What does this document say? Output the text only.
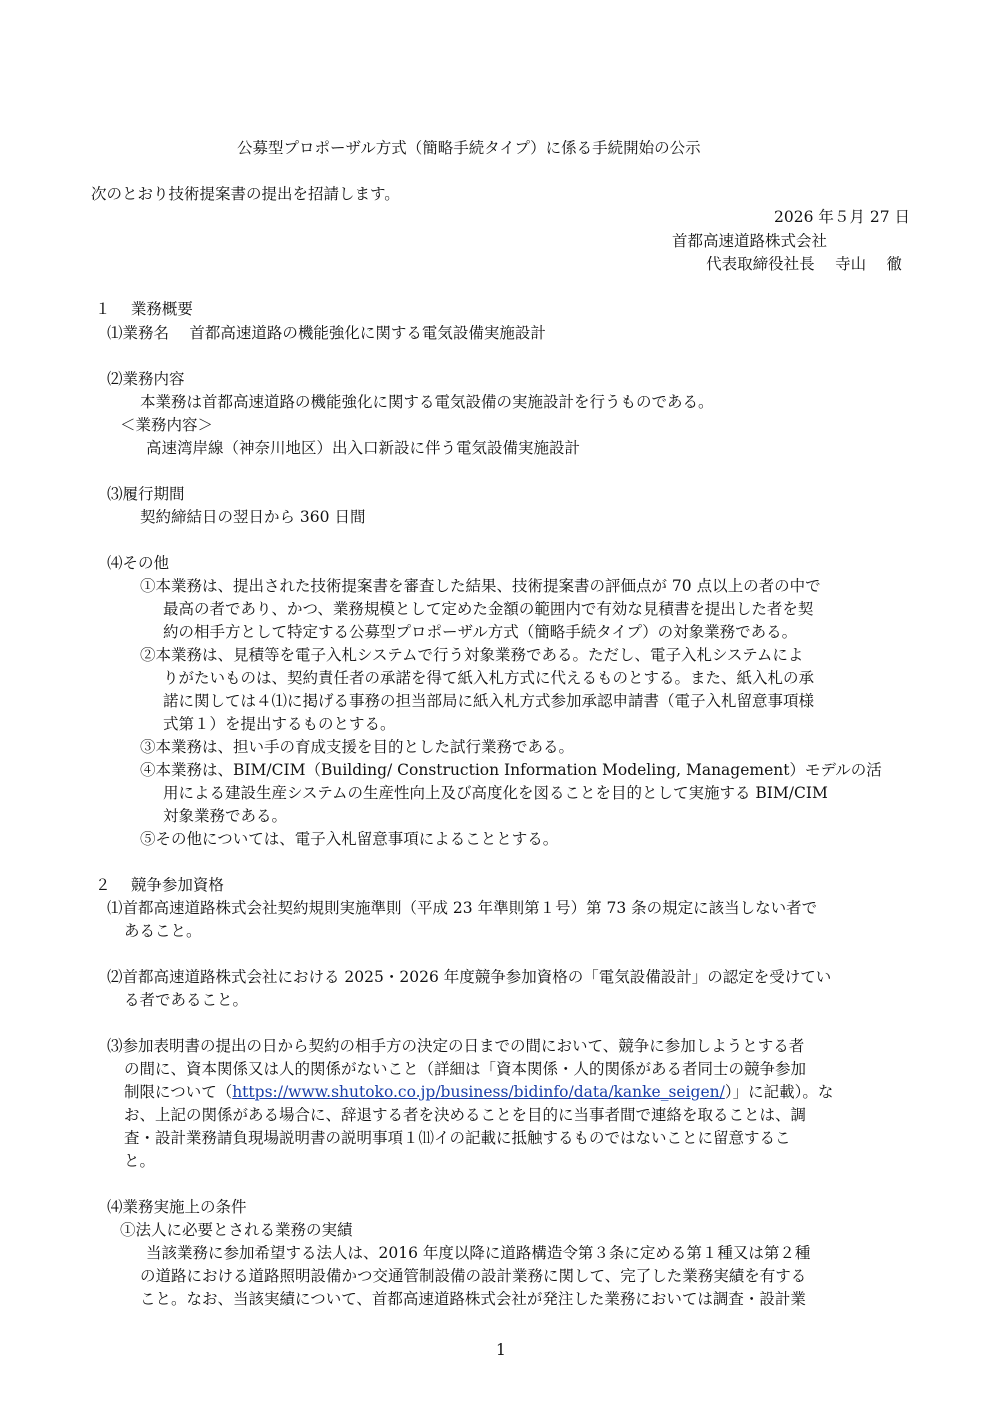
公募型プロポーザル方式（簡略手続タイプ）に係る手続開始の公示
次のとおり技術提案書の提出を招請します。
2026 年５月 27 日
首都高速道路株式会社
代表取締役社長　 寺山　 徹
１　 業務概要
⑴業務名　 首都高速道路の機能強化に関する電気設備実施設計
⑵業務内容
本業務は首都高速道路の機能強化に関する電気設備の実施設計を行うものである。
＜業務内容＞
高速湾岸線（神奈川地区）出入口新設に伴う電気設備実施設計
⑶履行期間
契約締結日の翌日から 360 日間
⑷その他
①本業務は、提出された技術提案書を審査した結果、技術提案書の評価点が 70 点以上の者の中で
最高の者であり、かつ、業務規模として定めた金額の範囲内で有効な見積書を提出した者を契
約の相手方として特定する公募型プロポーザル方式（簡略手続タイプ）の対象業務である。
②本業務は、見積等を電子入札システムで行う対象業務である。ただし、電子入札システムによ
りがたいものは、契約責任者の承諾を得て紙入札方式に代えるものとする。また、紙入札の承
諾に関しては４⑴に掲げる事務の担当部局に紙入札方式参加承認申請書（電子入札留意事項様
式第１）を提出するものとする。
③本業務は、担い手の育成支援を目的とした試行業務である。
④本業務は、BIM/CIM（Building/ Construction Information Modeling, Management）モデルの活
用による建設生産システムの生産性向上及び高度化を図ることを目的として実施する BIM/CIM
対象業務である。
⑤その他については、電子入札留意事項によることとする。
２　 競争参加資格
⑴首都高速道路株式会社契約規則実施準則（平成 23 年準則第１号）第 73 条の規定に該当しない者で
あること。
⑵首都高速道路株式会社における 2025・2026 年度競争参加資格の「電気設備設計」の認定を受けてい
る者であること。
⑶参加表明書の提出の日から契約の相手方の決定の日までの間において、競争に参加しようとする者
の間に、資本関係又は人的関係がないこと（詳細は「資本関係・人的関係がある者同士の競争参加
制限について（https://www.shutoko.co.jp/business/bidinfo/data/kanke_seigen/）」に記載）。な
お、上記の関係がある場合に、辞退する者を決めることを目的に当事者間で連絡を取ることは、調
査・設計業務請負現場説明書の説明事項１⑾イの記載に抵触するものではないことに留意するこ
と。
⑷業務実施上の条件
①法人に必要とされる業務の実績
当該業務に参加希望する法人は、2016 年度以降に道路構造令第３条に定める第１種又は第２種
の道路における道路照明設備かつ交通管制設備の設計業務に関して、完了した業務実績を有する
こと。なお、当該実績について、首都高速道路株式会社が発注した業務においては調査・設計業
1
